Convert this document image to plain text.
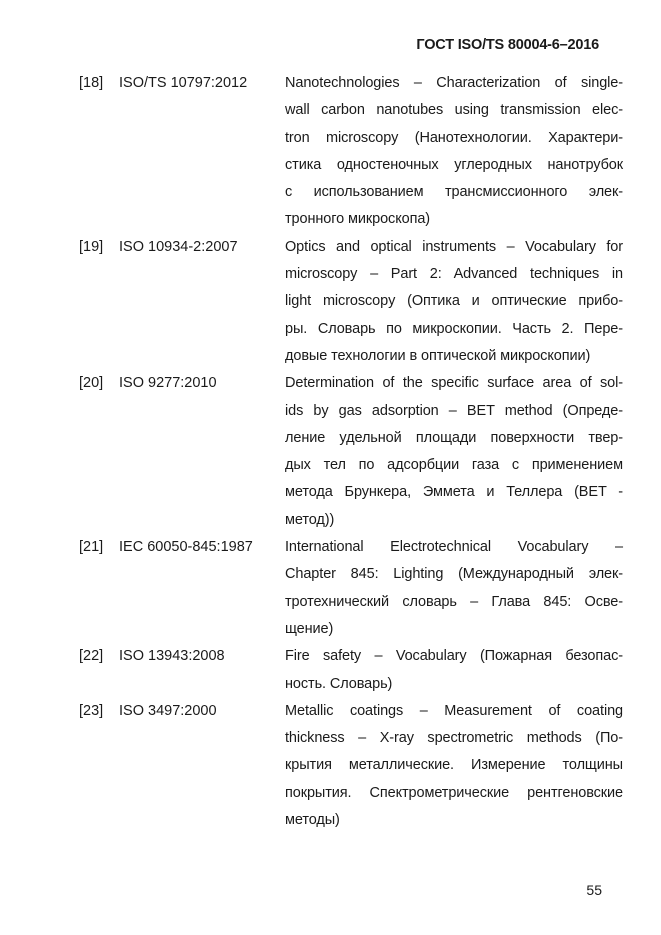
ГОСТ ISO/TS 80004-6–2016
[18] ISO/TS 10797:2012	Nanotechnologies – Characterization of single-
wall carbon nanotubes using transmission elec-
tron microscopy (Нанотехнологии. Характери-
стика одностеночных углеродных нанотрубок
с использованием трансмиссионного элек-
тронного микроскопа)
[19] ISO 10934-2:2007	Optics and optical instruments – Vocabulary for
microscopy – Part 2: Advanced techniques in
light microscopy (Оптика и оптические прибо-
ры. Словарь по микроскопии. Часть 2. Пере-
довые технологии в оптической микроскопии)
[20] ISO 9277:2010	Determination of the specific surface area of sol-
ids by gas adsorption – BET method (Опреде-
ление удельной площади поверхности твер-
дых тел по адсорбции газа с применением
метода Брункера, Эммета и Теллера (BET -
метод))
[21] IEC 60050-845:1987 International Electrotechnical Vocabulary –
Chapter 845: Lighting (Международный элек-
тротехнический словарь – Глава 845: Осве-
щение)
[22] ISO 13943:2008	Fire safety – Vocabulary (Пожарная безопас-
ность. Словарь)
[23] ISO 3497:2000	Metallic coatings – Measurement of coating
thickness – X-ray spectrometric methods (По-
крытия металлические. Измерение толщины
покрытия. Спектрометрические рентгеновские
методы)
55
